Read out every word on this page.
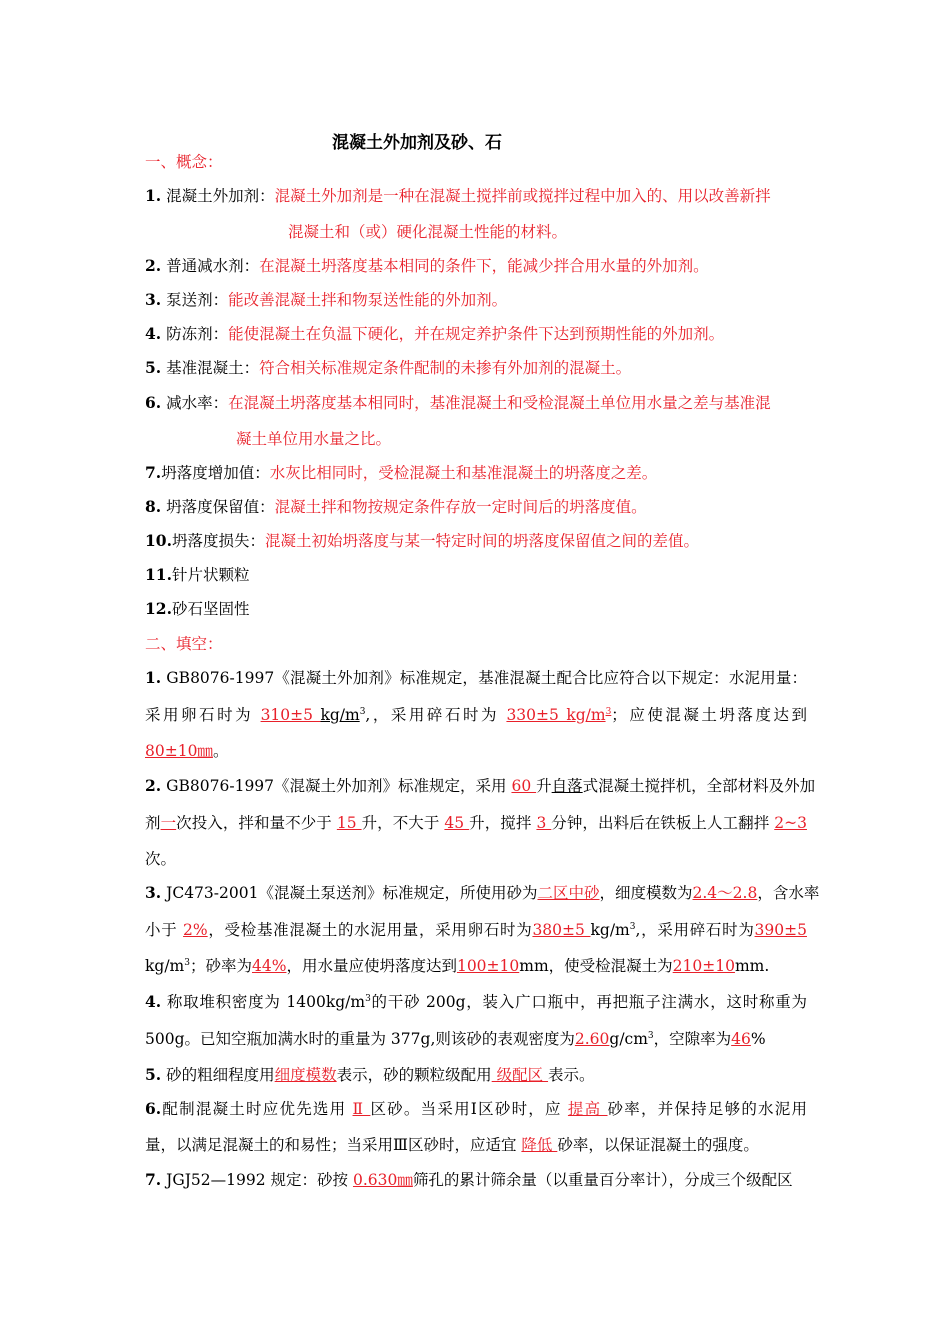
混凝土外加剂及砂、石
一、概念：
1. 混凝土外加剂：混凝土外加剂是一种在混凝土搅拌前或搅拌过程中加入的、用以改善新拌
混凝土和（或）硬化混凝土性能的材料。
2. 普通减水剂：在混凝土坍落度基本相同的条件下，能减少拌合用水量的外加剂。
3. 泵送剂：能改善混凝土拌和物泵送性能的外加剂。
4. 防冻剂：能使混凝土在负温下硬化，并在规定养护条件下达到预期性能的外加剂。
5. 基准混凝土：符合相关标准规定条件配制的未掺有外加剂的混凝土。
6. 减水率：在混凝土坍落度基本相同时，基准混凝土和受检混凝土单位用水量之差与基准混
凝土单位用水量之比。
7.坍落度增加值：水灰比相同时，受检混凝土和基准混凝土的坍落度之差。
8. 坍落度保留值：混凝土拌和物按规定条件存放一定时间后的坍落度值。
10.坍落度损失：混凝土初始坍落度与某一特定时间的坍落度保留值之间的差值。
11.针片状颗粒
12.砂石坚固性
二、填空：
1. GB8076-1997《混凝土外加剂》标准规定，基准混凝土配合比应符合以下规定：水泥用量：
采用卵石时为 310±5 $kg/m^3$,，采用碎石时为 330±5 $kg/m^3$；应使混凝土坍落度达到
80±10㎜。
2. GB8076-1997《混凝土外加剂》标准规定，采用 60 升自落式混凝土搅拌机，全部材料及外加
剂一次投入，拌和量不少于 15 升，不大于 45 升，搅拌 3 分钟，出料后在铁板上人工翻拌 2~3
次。
3. JC473-2001《混凝土泵送剂》标准规定，所使用砂为二区中砂，细度模数为2.4～2.8，含水率
小于 2%，受检基准混凝土的水泥用量，采用卵石时为380±5 $kg/m^3$,，采用碎石时为390±5
$kg/m^3$；砂率为44%，用水量应使坍落度达到100±10mm，使受检混凝土为210±10mm.
4. 称取堆积密度为 $1400kg/m^3$的干砂 200g，装入广口瓶中，再把瓶子注满水，这时称重为
500g。已知空瓶加满水时的重量为 377g,则该砂的表观密度为$2.60g/cm^3$，空隙率为46%
5. 砂的粗细程度用细度模数表示，砂的颗粒级配用 级配区 表示。
6.配制混凝土时应优先选用 Ⅱ 区砂。当采用Ⅰ区砂时，应 提高 砂率，并保持足够的水泥用
量，以满足混凝土的和易性；当采用Ⅲ区砂时，应适宜 降低 砂率，以保证混凝土的强度。
7. JGJ52—1992 规定：砂按 0.630㎜筛孔的累计筛余量（以重量百分率计），分成三个级配区
